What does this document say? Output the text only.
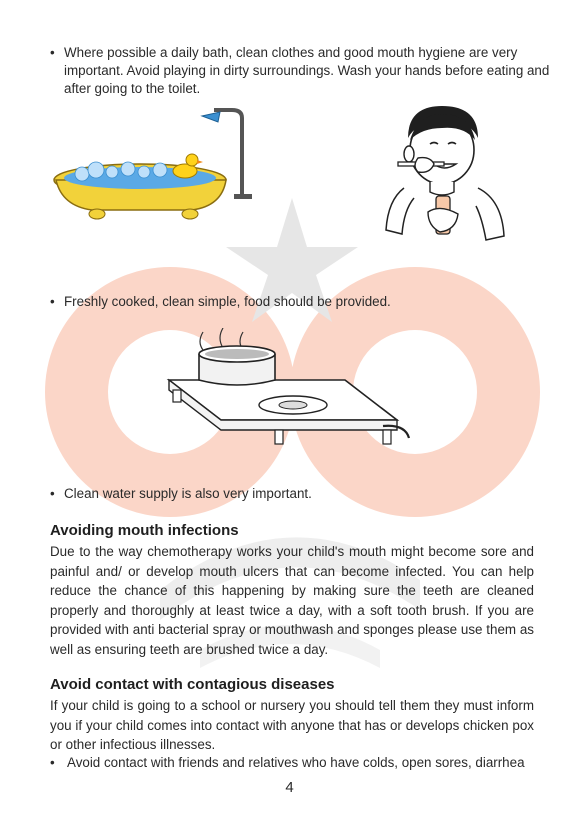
• Where possible a daily bath, clean clothes and good mouth hygiene are very important. Avoid playing in dirty surroundings. Wash your hands before eating and after going to the toilet.
• Freshly cooked, clean simple, food should be provided.
• Clean water supply is also very important.
Avoiding mouth infections
Due to the way chemotherapy works your child's mouth might become sore and painful and/ or develop mouth ulcers that can become infected. You can help reduce the chance of this happening by making sure the teeth are cleaned properly and thoroughly at least twice a day, with a soft tooth brush. If you are provided with anti bacterial spray or mouthwash and sponges please use them as well as ensuring teeth are brushed twice a day.
Avoid contact with contagious diseases
If your child is going to a school or nursery you should tell them they must inform you if your child comes into contact with anyone that has or develops chicken pox or other infectious illnesses.
• Avoid contact with friends and relatives who have colds, open sores, diarrhea
4
